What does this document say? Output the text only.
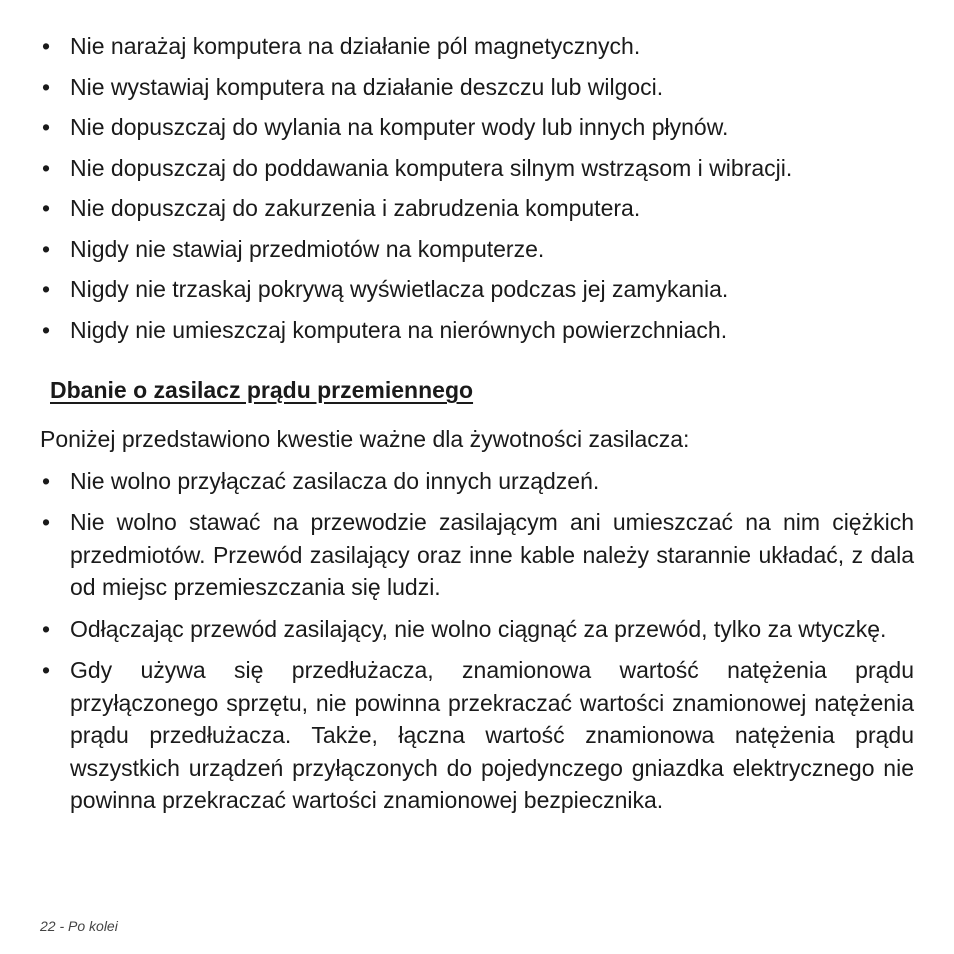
• Nie narażaj komputera na działanie pól magnetycznych.
• Nie wystawiaj komputera na działanie deszczu lub wilgoci.
• Nie dopuszczaj do wylania na komputer wody lub innych płynów.
• Nie dopuszczaj do poddawania komputera silnym wstrząsom i wibracji.
• Nie dopuszczaj do zakurzenia i zabrudzenia komputera.
• Nigdy nie stawiaj przedmiotów na komputerze.
• Nigdy nie trzaskaj pokrywą wyświetlacza podczas jej zamykania.
• Nigdy nie umieszczaj komputera na nierównych powierzchniach.
Dbanie o zasilacz prądu przemiennego

Poniżej przedstawiono kwestie ważne dla żywotności zasilacza:

• Nie wolno przyłączać zasilacza do innych urządzeń.
• Nie wolno stawać na przewodzie zasilającym ani umieszczać na nim ciężkich przedmiotów. Przewód zasilający oraz inne kable należy starannie układać, z dala od miejsc przemieszczania się ludzi.
• Odłączając przewód zasilający, nie wolno ciągnąć za przewód, tylko za wtyczkę.
• Gdy używa się przedłużacza, znamionowa wartość natężenia prądu przyłączonego sprzętu, nie powinna przekraczać wartości znamionowej natężenia prądu przedłużacza. Także, łączna wartość znamionowa natężenia prądu wszystkich urządzeń przyłączonych do pojedynczego gniazdka elektrycznego nie powinna przekraczać wartości znamionowej bezpiecznika.
22 - Po kolei
